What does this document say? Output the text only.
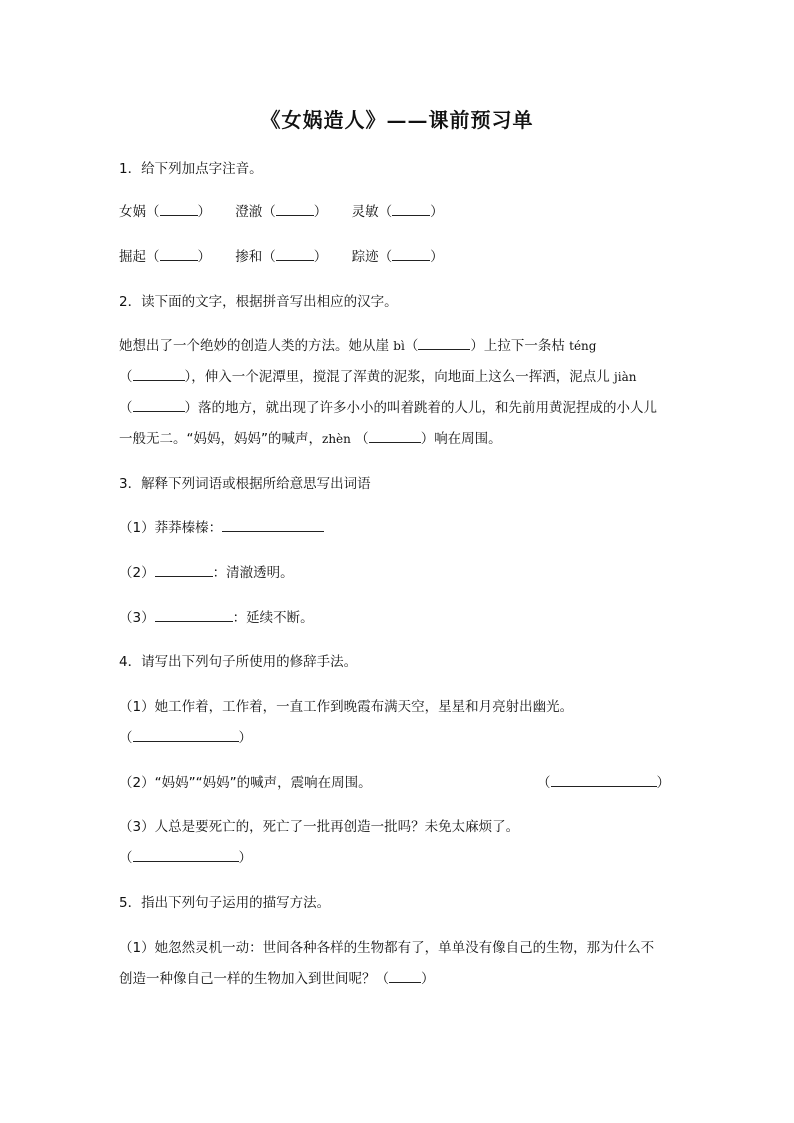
《女娲造人》——课前预习单
1．给下列加点字注音。
女娲（	） 澄澈（	） 灵敏（	）
掘起（	） 掺和（	） 踪迹（	）
2．读下面的文字，根据拼音写出相应的汉字。
她想出了一个绝妙的创造人类的方法。她从崖 bì（	）上拉下一条枯 téng
（	），伸入一个泥潭里，搅混了浑黄的泥浆，向地面上这么一挥洒，泥点儿 jiàn
（	）落的地方，就出现了许多小小的叫着跳着的人儿，和先前用黄泥捏成的小人儿
一般无二。“妈妈，妈妈”的喊声，zhèn （	）响在周围。
3．解释下列词语或根据所给意思写出词语
（1）莽莽榛榛：
（2）	：清澈透明。
（3）	：延续不断。
4．请写出下列句子所使用的修辞手法。
（1）她工作着，工作着，一直工作到晚霞布满天空，星星和月亮射出幽光。
（	）
（2）“妈妈”“妈妈”的喊声，震响在周围。	（	）
（3）人总是要死亡的，死亡了一批再创造一批吗？未免太麻烦了。
（	）
5．指出下列句子运用的描写方法。
（1）她忽然灵机一动：世间各种各样的生物都有了，单单没有像自己的生物，那为什么不
创造一种像自己一样的生物加入到世间呢？（ ）
